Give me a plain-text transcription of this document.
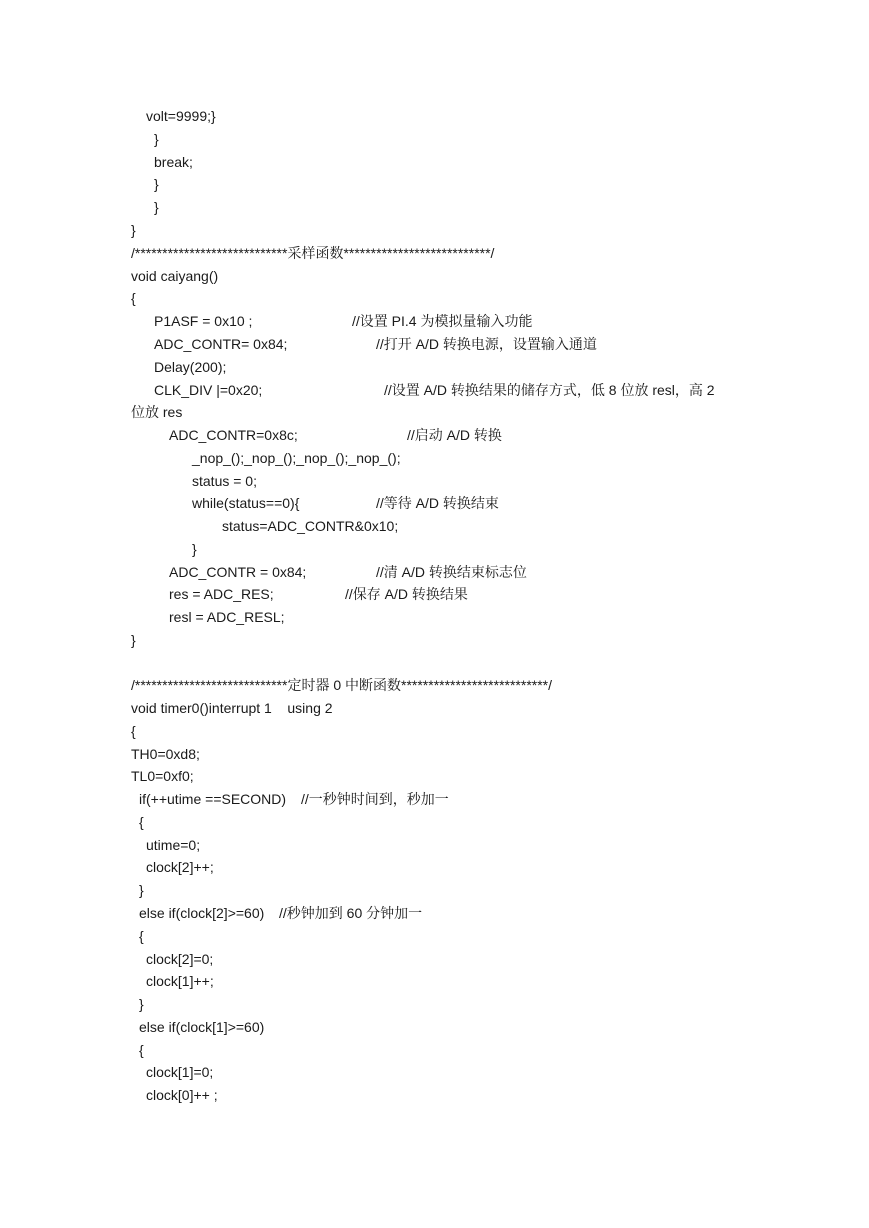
volt=9999;}
}
break;
}
}
}
/****************************采样函数***************************/
void caiyang()
{
P1ASF = 0x10 ;	//设置 PI.4 为模拟量输入功能
ADC_CONTR= 0x84;	//打开 A/D 转换电源，设置输入通道
Delay(200);
CLK_DIV |=0x20;	//设置 A/D 转换结果的储存方式，低 8 位放 resl，高 2
位放 res
ADC_CONTR=0x8c;	//启动 A/D 转换
_nop_();_nop_();_nop_();_nop_();
status = 0;
while(status==0){	//等待 A/D 转换结束
status=ADC_CONTR&0x10;
}
ADC_CONTR = 0x84;	//清 A/D 转换结束标志位
res = ADC_RES;	//保存 A/D 转换结果
resl = ADC_RESL;
}
/****************************定时器 0 中断函数***************************/
void timer0()interrupt 1    using 2
{
TH0=0xd8;
TL0=0xf0;
if(++utime ==SECOND) //一秒钟时间到，秒加一
{
utime=0;
clock[2]++;
}
else if(clock[2]>=60) //秒钟加到 60 分钟加一
{
clock[2]=0;
clock[1]++;
}
else if(clock[1]>=60)
{
clock[1]=0;
clock[0]++ ;
